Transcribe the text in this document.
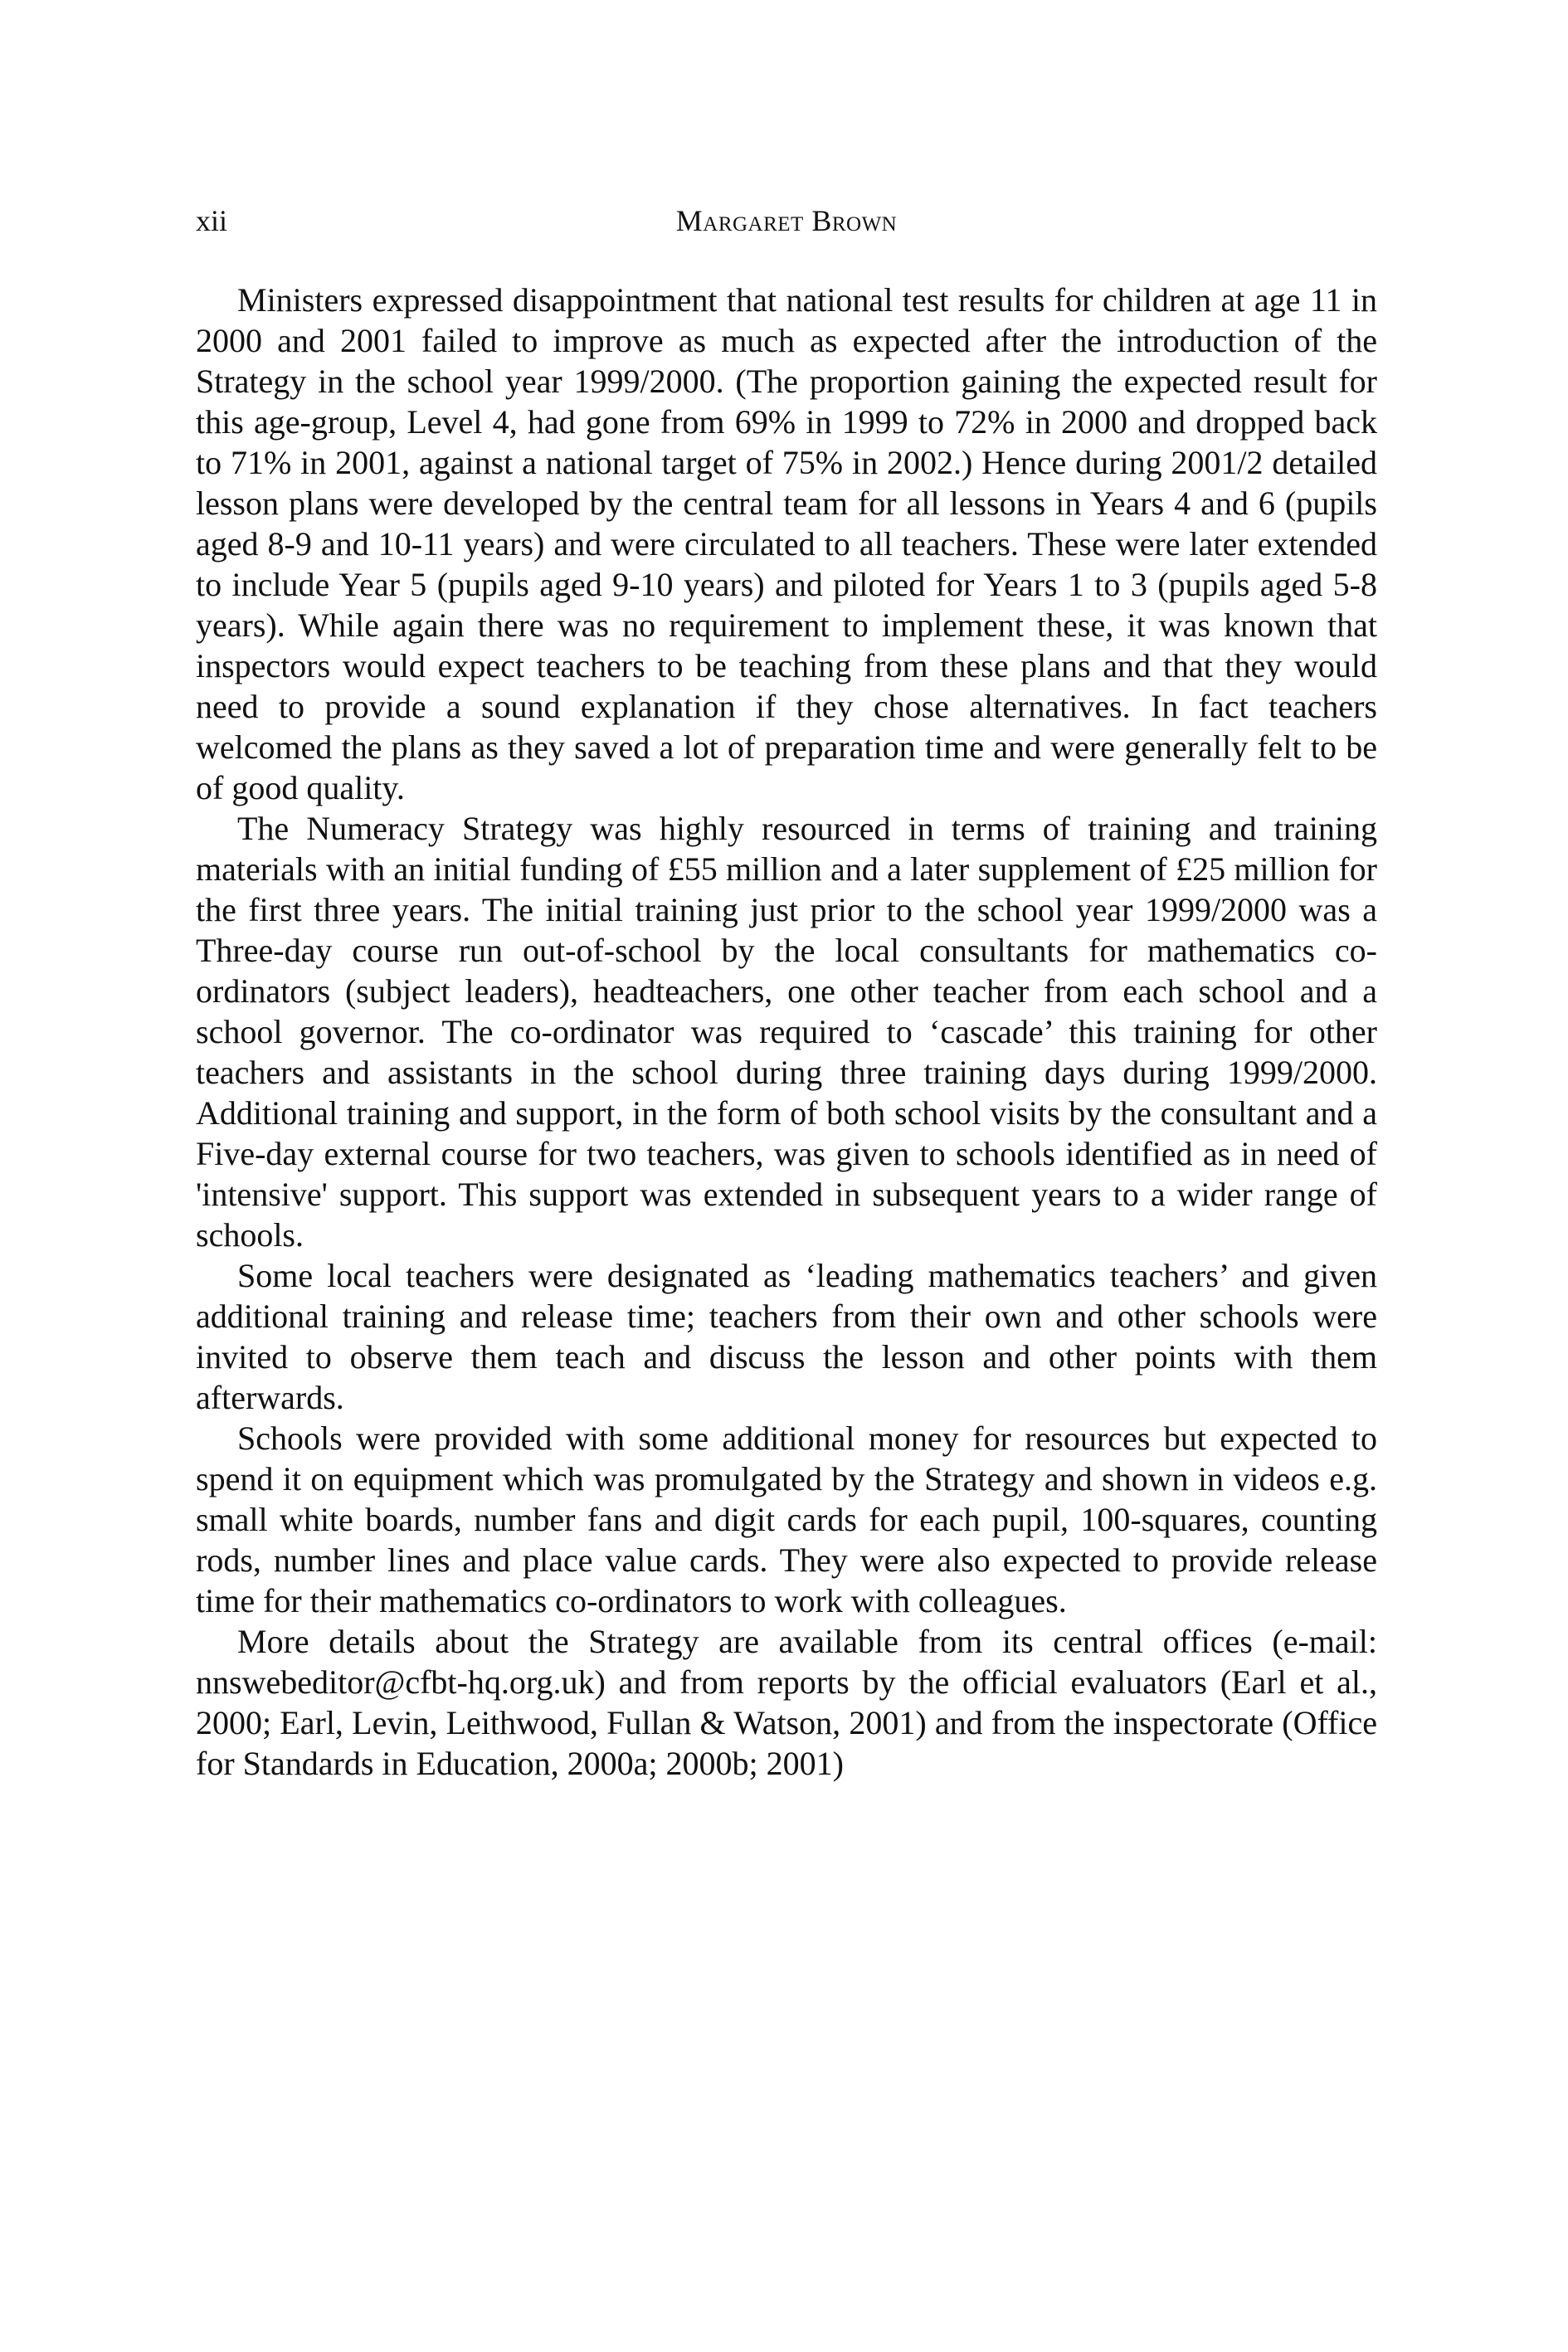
xii	Margaret Brown

Ministers expressed disappointment that national test results for children at age 11 in 2000 and 2001 failed to improve as much as expected after the introduction of the Strategy in the school year 1999/2000. (The proportion gaining the expected result for this age-group, Level 4, had gone from 69% in 1999 to 72% in 2000 and dropped back to 71% in 2001, against a national target of 75% in 2002.) Hence during 2001/2 detailed lesson plans were developed by the central team for all lessons in Years 4 and 6 (pupils aged 8-9 and 10-11 years) and were circulated to all teachers. These were later extended to include Year 5 (pupils aged 9-10 years) and piloted for Years 1 to 3 (pupils aged 5-8 years). While again there was no requirement to implement these, it was known that inspectors would expect teachers to be teaching from these plans and that they would need to provide a sound explanation if they chose alternatives. In fact teachers welcomed the plans as they saved a lot of preparation time and were generally felt to be of good quality.

The Numeracy Strategy was highly resourced in terms of training and training materials with an initial funding of £55 million and a later supplement of £25 million for the first three years. The initial training just prior to the school year 1999/2000 was a Three-day course run out-of-school by the local consultants for mathematics co-ordinators (subject leaders), headteachers, one other teacher from each school and a school governor. The co-ordinator was required to ‘cascade’ this training for other teachers and assistants in the school during three training days during 1999/2000. Additional training and support, in the form of both school visits by the consultant and a Five-day external course for two teachers, was given to schools identified as in need of 'intensive' support. This support was extended in subsequent years to a wider range of schools.

Some local teachers were designated as ‘leading mathematics teachers’ and given additional training and release time; teachers from their own and other schools were invited to observe them teach and discuss the lesson and other points with them afterwards.

Schools were provided with some additional money for resources but expected to spend it on equipment which was promulgated by the Strategy and shown in videos e.g. small white boards, number fans and digit cards for each pupil, 100-squares, counting rods, number lines and place value cards. They were also expected to provide release time for their mathematics co-ordinators to work with colleagues.

More details about the Strategy are available from its central offices (e-mail: nnswebeditor@cfbt-hq.org.uk) and from reports by the official evaluators (Earl et al., 2000; Earl, Levin, Leithwood, Fullan & Watson, 2001) and from the inspectorate (Office for Standards in Education, 2000a; 2000b; 2001)
